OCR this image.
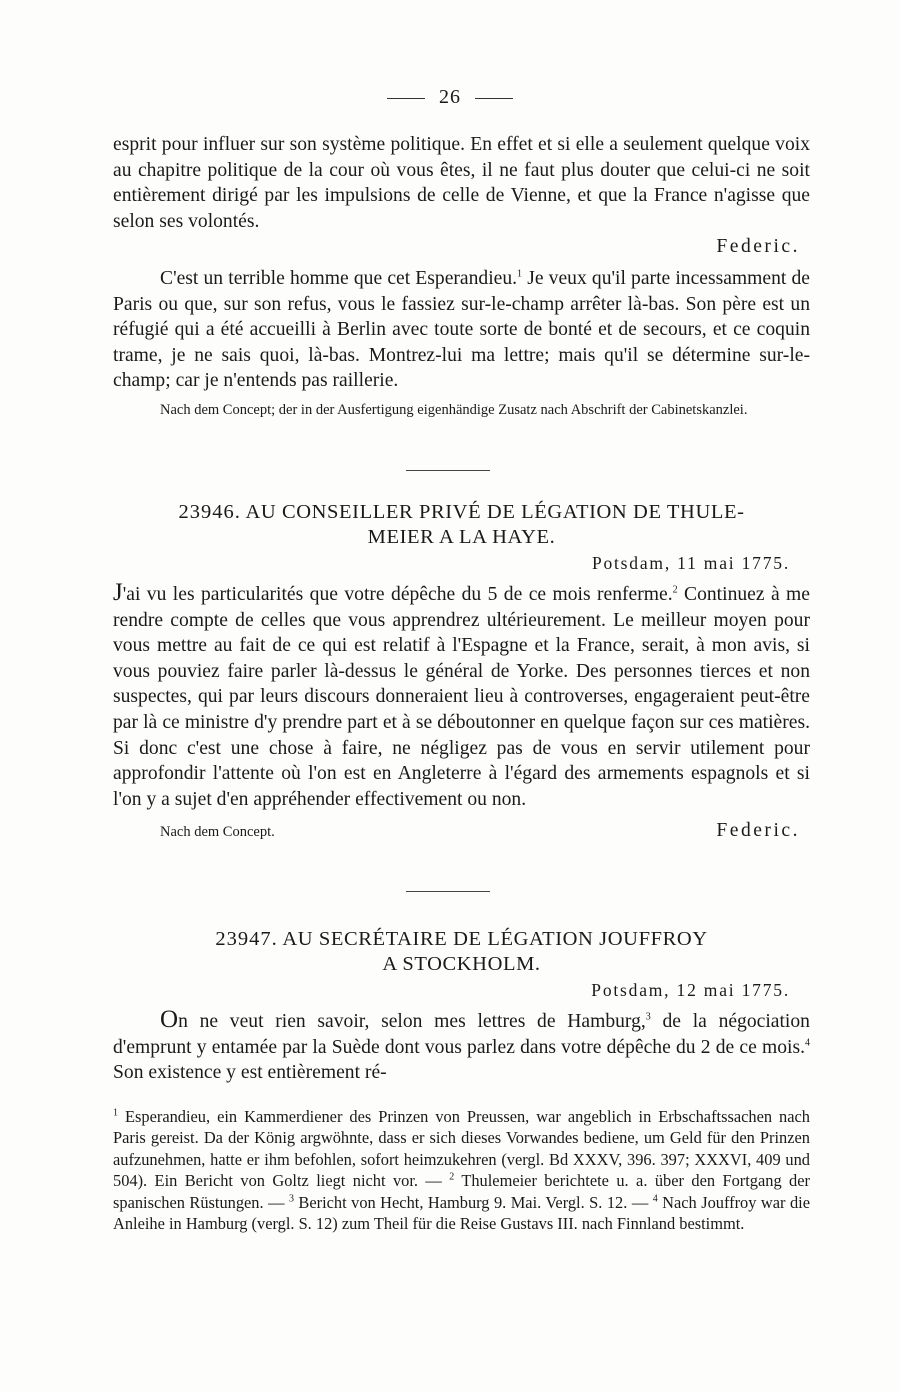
26

esprit pour influer sur son système politique. En effet et si elle a seulement quelque voix au chapitre politique de la cour où vous êtes, il ne faut plus douter que celui-ci ne soit entièrement dirigé par les impulsions de celle de Vienne, et que la France n'agisse que selon ses volontés.

Federic.

C'est un terrible homme que cet Esperandieu.$^1$ Je veux qu'il parte incessamment de Paris ou que, sur son refus, vous le fassiez sur-le-champ arrêter là-bas. Son père est un réfugié qui a été accueilli à Berlin avec toute sorte de bonté et de secours, et ce coquin trame, je ne sais quoi, là-bas. Montrez-lui ma lettre; mais qu'il se détermine sur-le-champ; car je n'entends pas raillerie.

Nach dem Concept; der in der Ausfertigung eigenhändige Zusatz nach Abschrift der Cabinetskanzlei.

23946. AU CONSEILLER PRIVÉ DE LÉGATION DE THULE-
MEIER A LA HAYE.
Potsdam, 11 mai 1775.

J'ai vu les particularités que votre dépêche du 5 de ce mois renferme.$^2$ Continuez à me rendre compte de celles que vous apprendrez ultérieurement. Le meilleur moyen pour vous mettre au fait de ce qui est relatif à l'Espagne et la France, serait, à mon avis, si vous pouviez faire parler là-dessus le général de Yorke. Des personnes tierces et non suspectes, qui par leurs discours donneraient lieu à controverses, engageraient peut-être par là ce ministre d'y prendre part et à se déboutonner en quelque façon sur ces matières. Si donc c'est une chose à faire, ne négligez pas de vous en servir utilement pour approfondir l'attente où l'on est en Angleterre à l'égard des armements espagnols et si l'on y a sujet d'en appréhender effectivement ou non.

Nach dem Concept.	Federic.
23947. AU SECRÉTAIRE DE LÉGATION JOUFFROY
A STOCKHOLM.
Potsdam, 12 mai 1775.

On ne veut rien savoir, selon mes lettres de Hamburg,$^3$ de la négociation d'emprunt y entamée par la Suède dont vous parlez dans votre dépêche du 2 de ce mois.$^4$ Son existence y est entièrement ré-

$^1$ Esperandieu, ein Kammerdiener des Prinzen von Preussen, war angeblich in Erbschaftssachen nach Paris gereist. Da der König argwöhnte, dass er sich dieses Vorwandes bediene, um Geld für den Prinzen aufzunehmen, hatte er ihm befohlen, sofort heimzukehren (vergl. Bd XXXV, 396. 397; XXXVI, 409 und 504). Ein Bericht von Goltz liegt nicht vor. — $^2$ Thulemeier berichtete u. a. über den Fortgang der spanischen Rüstungen. — $^3$ Bericht von Hecht, Hamburg 9. Mai. Vergl. S. 12. — $^4$ Nach Jouffroy war die Anleihe in Hamburg (vergl. S. 12) zum Theil für die Reise Gustavs III. nach Finnland bestimmt.
